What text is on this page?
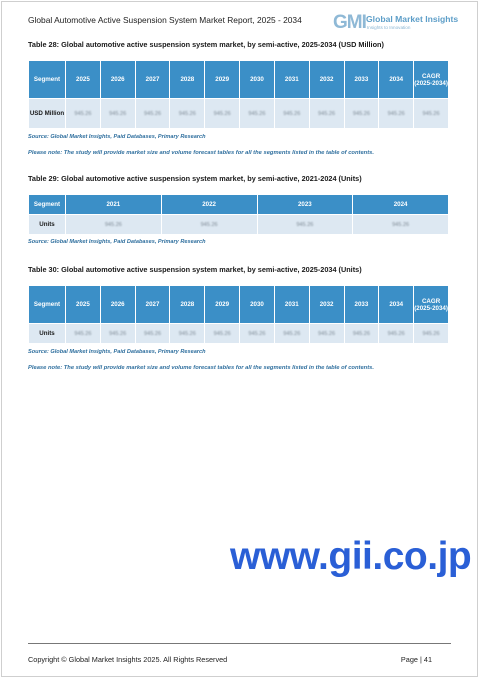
Global Automotive Active Suspension System Market Report, 2025 - 2034 GMI Global Market Insights
Insights to Innovation
Table 28: Global automotive active suspension system market, by semi-active, 2025-2034 (USD Million)
Segment	2025	2026	2027	2028	2029	2030	2031	2032	2033	2034	CAGR (2025-2034)
USD Million	945.26	945.26	945.26	945.26	945.26	945.26	945.26	945.26	945.26	945.26	945.26
Source: Global Market Insights, Paid Databases, Primary Research
Please note: The study will provide market size and volume forecast tables for all the segments listed in the table of contents.
Table 29: Global automotive active suspension system market, by semi-active, 2021-2024 (Units)
Segment	2021	2022	2023	2024
Units	945.26	945.26	945.26	945.26
Source: Global Market Insights, Paid Databases, Primary Research
Table 30: Global automotive active suspension system market, by semi-active, 2025-2034 (Units)
Segment	2025	2026	2027	2028	2029	2030	2031	2032	2033	2034	CAGR (2025-2034)
Units	945.26	945.26	945.26	945.26	945.26	945.26	945.26	945.26	945.26	945.26	945.26
Source: Global Market Insights, Paid Databases, Primary Research
Please note: The study will provide market size and volume forecast tables for all the segments listed in the table of contents.
www.gii.co.jp
Copyright © Global Market Insights 2025. All Rights Reserved	Page | 41
